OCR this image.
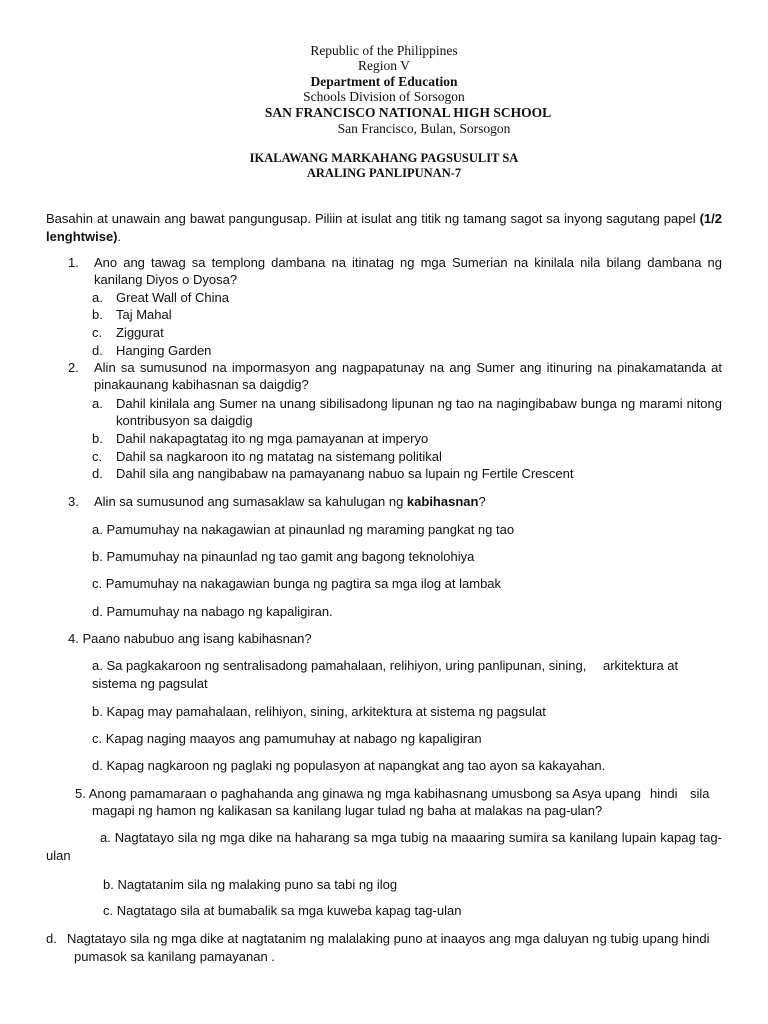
Republic of the Philippines
Region V
Department of Education
Schools Division of Sorsogon
SAN FRANCISCO NATIONAL HIGH SCHOOL
San Francisco, Bulan, Sorsogon
IKALAWANG MARKAHANG PAGSUSULIT SA
ARALING PANLIPUNAN-7
Basahin at unawain ang bawat pangungusap. Piliin at isulat ang titik ng tamang sagot sa inyong sagutang papel (1/2 lenghtwise).
1. Ano ang tawag sa templong dambana na itinatag ng mga Sumerian na kinilala nila bilang dambana ng kanilang Diyos o Dyosa?
a. Great Wall of China
b. Taj Mahal
c. Ziggurat
d. Hanging Garden
2. Alin sa sumusunod na impormasyon ang nagpapatunay na ang Sumer ang itinuring na pinakamatanda at pinakaunang kabihasnan sa daigdig?
a. Dahil kinilala ang Sumer na unang sibilisadong lipunan ng tao na nagingibabaw bunga ng marami nitong kontribusyon sa daigdig
b. Dahil nakapagtatag ito ng mga pamayanan at imperyo
c. Dahil sa nagkaroon ito ng matatag na sistemang politikal
d. Dahil sila ang nangibabaw na pamayanang nabuo sa lupain ng Fertile Crescent
3. Alin sa sumusunod ang sumasaklaw sa kahulugan ng kabihasnan?
a. Pamumuhay na nakagawian at pinaunlad ng maraming pangkat ng tao
b. Pamumuhay na pinaunlad ng tao gamit ang bagong teknolohiya
c. Pamumuhay na nakagawian bunga ng pagtira sa mga ilog at lambak
d. Pamumuhay na nabago ng kapaligiran.
4. Paano nabubuo ang isang kabihasnan?
a. Sa pagkakaroon ng sentralisadong pamahalaan, relihiyon, uring panlipunan, sining, arkitektura at
sistema ng pagsulat
b. Kapag may pamahalaan, relihiyon, sining, arkitektura at sistema ng pagsulat
c. Kapag naging maayos ang pamumuhay at nabago ng kapaligiran
d. Kapag nagkaroon ng paglaki ng populasyon at napangkat ang tao ayon sa kakayahan.
5. Anong pamamaraan o paghahanda ang ginawa ng mga kabihasnang umusbong sa Asya upang hindi sila
magapi ng hamon ng kalikasan sa kanilang lugar tulad ng baha at malakas na pag-ulan?
a. Nagtatayo sila ng mga dike na haharang sa mga tubig na maaaring sumira sa kanilang lupain kapag tag-ulan
b. Nagtatanim sila ng malaking puno sa tabi ng ilog
c. Nagtatago sila at bumabalik sa mga kuweba kapag tag-ulan
d. Nagtatayo sila ng mga dike at nagtatanim ng malalaking puno at inaayos ang mga daluyan ng tubig upang hindi
pumasok sa kanilang pamayanan .
